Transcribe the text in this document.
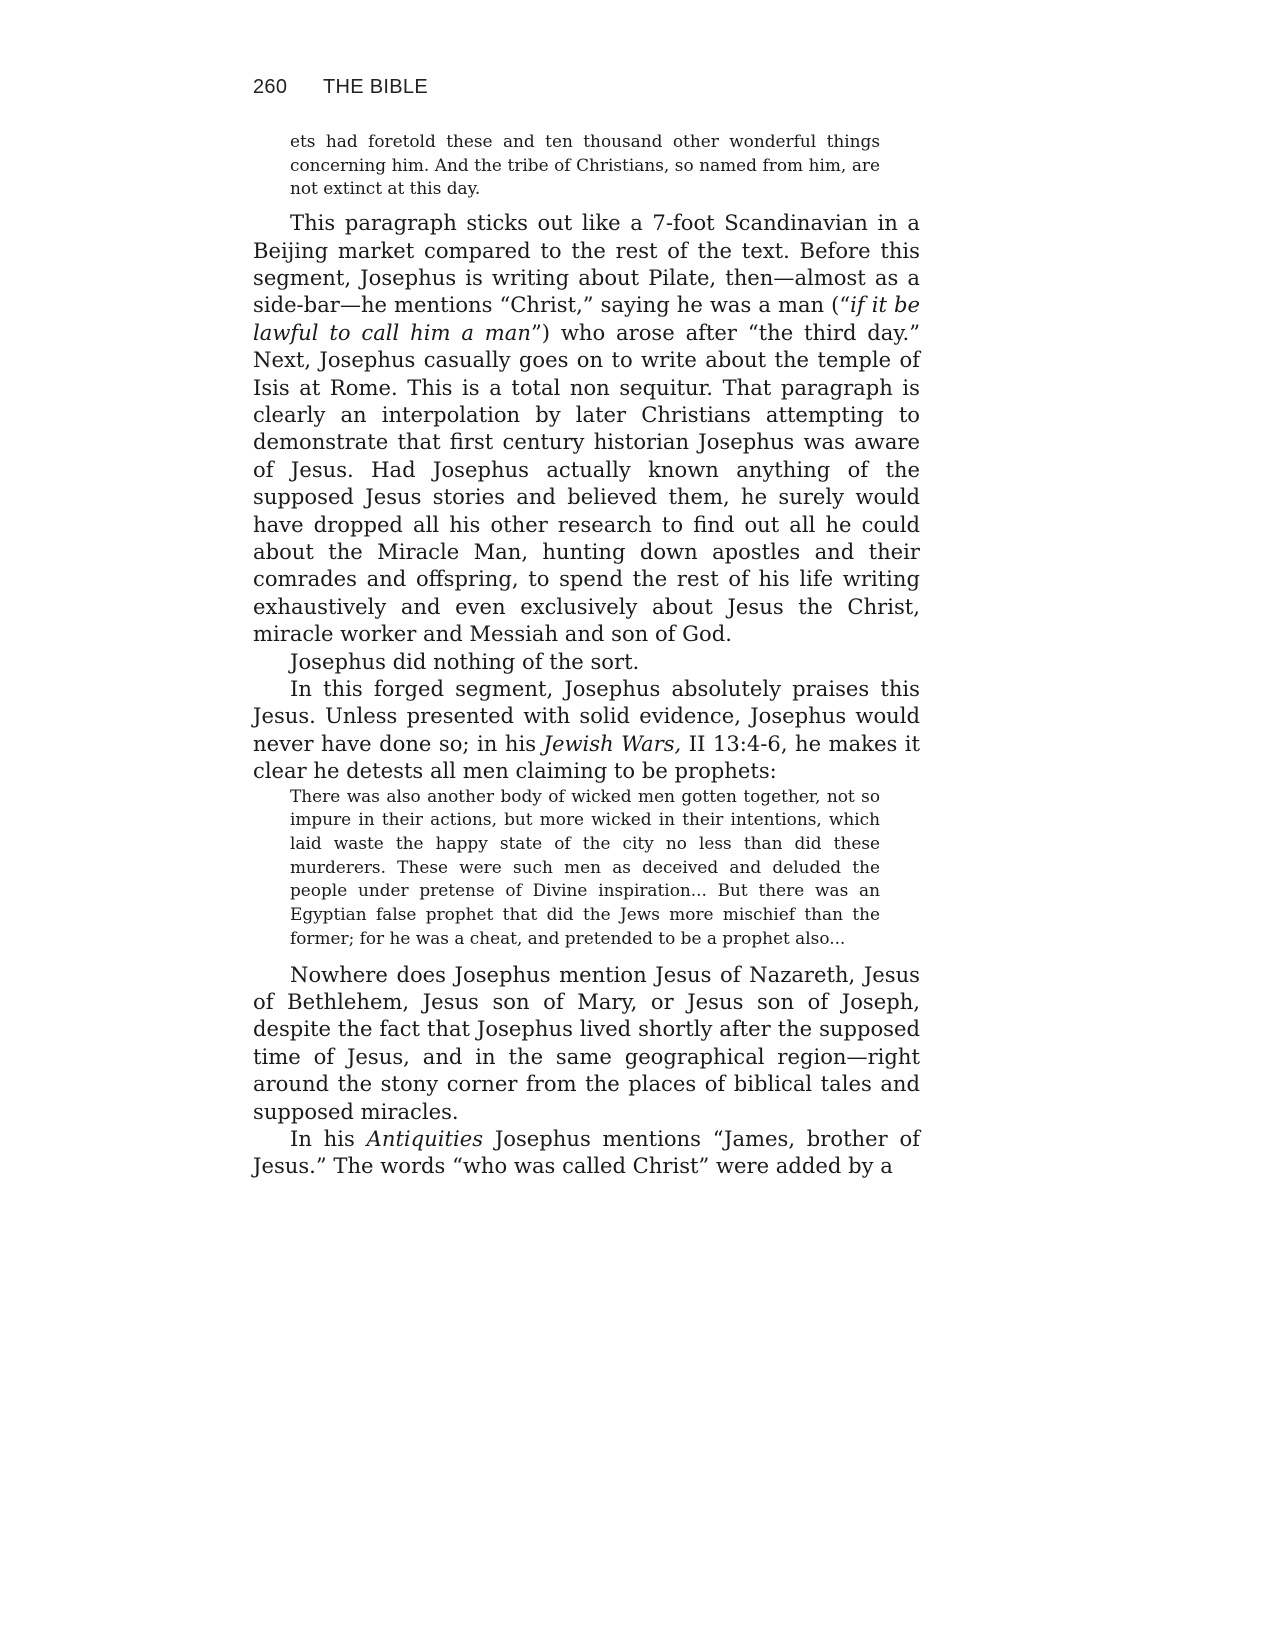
260 THE BIBLE

ets had foretold these and ten thousand other wonderful things concerning him. And the tribe of Christians, so named from him, are not extinct at this day.

This paragraph sticks out like a 7-foot Scandinavian in a Beijing market compared to the rest of the text. Before this segment, Josephus is writing about Pilate, then—almost as a side-bar—he mentions “Christ,” saying he was a man (“if it be lawful to call him a man”) who arose after “the third day.” Next, Josephus casually goes on to write about the temple of Isis at Rome. This is a total non sequitur. That paragraph is clearly an interpolation by later Christians attempting to demonstrate that first century historian Josephus was aware of Jesus. Had Josephus actually known anything of the supposed Jesus stories and believed them, he surely would have dropped all his other research to find out all he could about the Miracle Man, hunting down apostles and their comrades and offspring, to spend the rest of his life writing exhaustively and even exclusively about Jesus the Christ, miracle worker and Messiah and son of God.

Josephus did nothing of the sort.

In this forged segment, Josephus absolutely praises this Jesus. Unless presented with solid evidence, Josephus would never have done so; in his Jewish Wars, II 13:4-6, he makes it clear he detests all men claiming to be prophets:

There was also another body of wicked men gotten together, not so impure in their actions, but more wicked in their intentions, which laid waste the happy state of the city no less than did these murderers. These were such men as deceived and deluded the people under pretense of Divine inspiration... But there was an Egyptian false prophet that did the Jews more mischief than the former; for he was a cheat, and pretended to be a prophet also...

Nowhere does Josephus mention Jesus of Nazareth, Jesus of Bethlehem, Jesus son of Mary, or Jesus son of Joseph, despite the fact that Josephus lived shortly after the supposed time of Jesus, and in the same geographical region—right around the stony corner from the places of biblical tales and supposed miracles.

In his Antiquities Josephus mentions “James, brother of Jesus.” The words “who was called Christ” were added by a
